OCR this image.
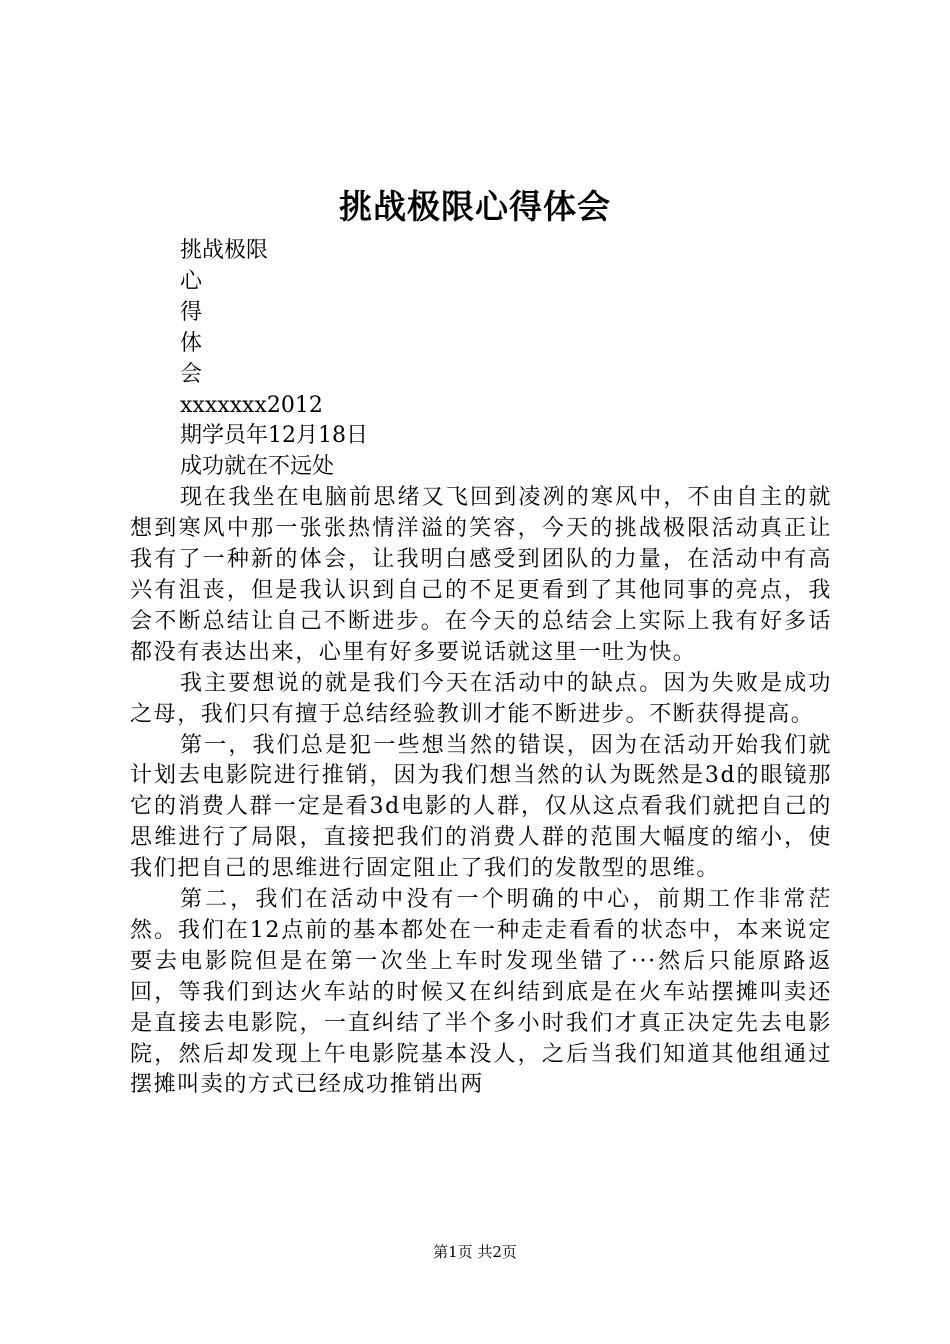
挑战极限心得体会

挑战极限

心

得

体

会

xxxxxxx2012

期学员年12月18日

成功就在不远处

现在我坐在电脑前思绪又飞回到凌冽的寒风中，不由自主的就想到寒风中那一张张热情洋溢的笑容，今天的挑战极限活动真正让我有了一种新的体会，让我明白感受到团队的力量，在活动中有高兴有沮丧，但是我认识到自己的不足更看到了其他同事的亮点，我会不断总结让自己不断进步。在今天的总结会上实际上我有好多话都没有表达出来，心里有好多要说话就这里一吐为快。

我主要想说的就是我们今天在活动中的缺点。因为失败是成功之母，我们只有擅于总结经验教训才能不断进步。不断获得提高。

第一，我们总是犯一些想当然的错误，因为在活动开始我们就计划去电影院进行推销，因为我们想当然的认为既然是3d的眼镜那它的消费人群一定是看3d电影的人群，仅从这点看我们就把自己的思维进行了局限，直接把我们的消费人群的范围大幅度的缩小，使我们把自己的思维进行固定阻止了我们的发散型的思维。

第二，我们在活动中没有一个明确的中心，前期工作非常茫然。我们在12点前的基本都处在一种走走看看的状态中，本来说定要去电影院但是在第一次坐上车时发现坐错了···然后只能原路返回，等我们到达火车站的时候又在纠结到底是在火车站摆摊叫卖还是直接去电影院，一直纠结了半个多小时我们才真正决定先去电影院，然后却发现上午电影院基本没人，之后当我们知道其他组通过摆摊叫卖的方式已经成功推销出两

第1页 共2页
